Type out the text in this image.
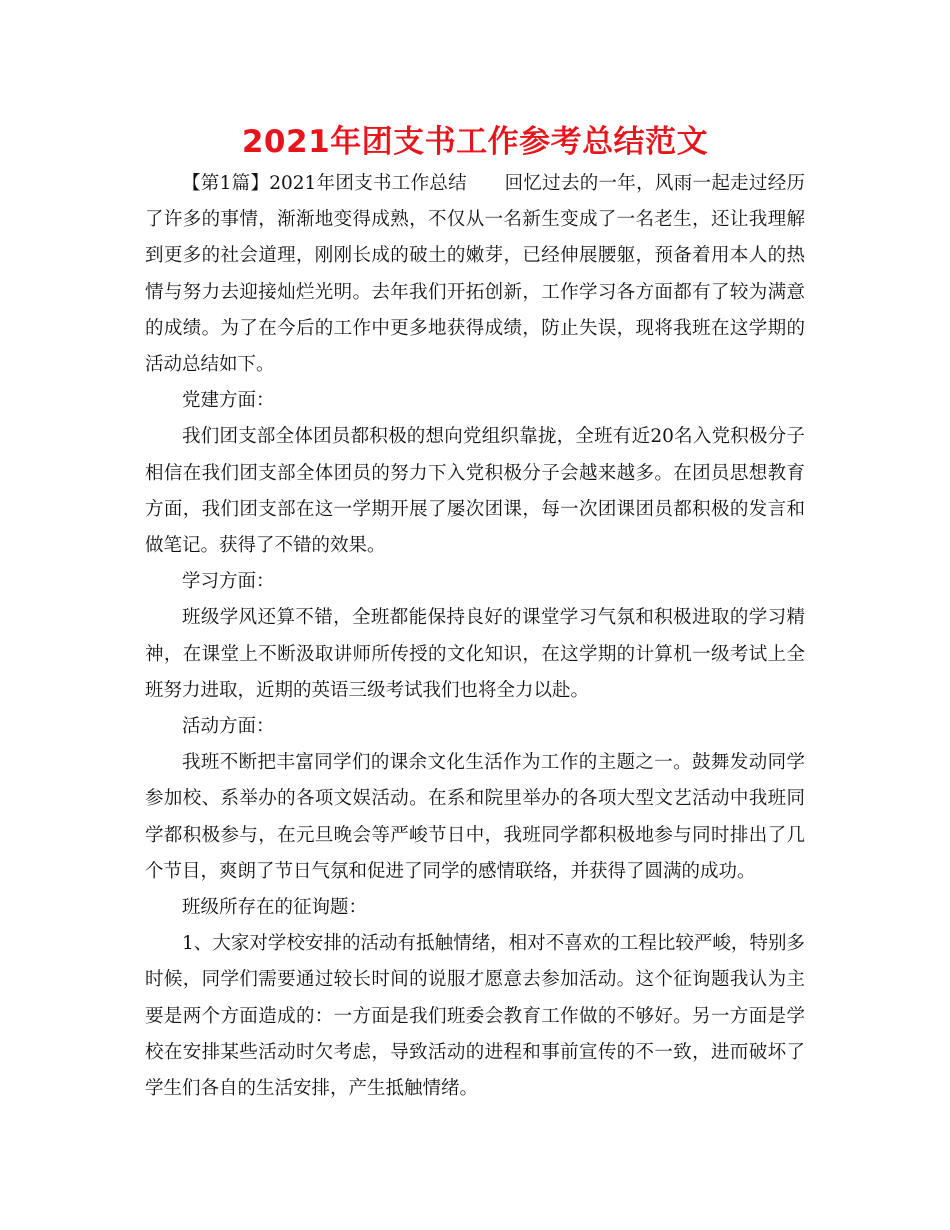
2021年团支书工作参考总结范文

【第1篇】2021年团支书工作总结　　回忆过去的一年，风雨一起走过经历了许多的事情，渐渐地变得成熟，不仅从一名新生变成了一名老生，还让我理解到更多的社会道理，刚刚长成的破土的嫩芽，已经伸展腰躯，预备着用本人的热情与努力去迎接灿烂光明。去年我们开拓创新，工作学习各方面都有了较为满意的成绩。为了在今后的工作中更多地获得成绩，防止失误，现将我班在这学期的活动总结如下。

党建方面：

我们团支部全体团员都积极的想向党组织靠拢，全班有近20名入党积极分子相信在我们团支部全体团员的努力下入党积极分子会越来越多。在团员思想教育方面，我们团支部在这一学期开展了屡次团课，每一次团课团员都积极的发言和做笔记。获得了不错的效果。

学习方面：

班级学风还算不错，全班都能保持良好的课堂学习气氛和积极进取的学习精神，在课堂上不断汲取讲师所传授的文化知识，在这学期的计算机一级考试上全班努力进取，近期的英语三级考试我们也将全力以赴。

活动方面：

我班不断把丰富同学们的课余文化生活作为工作的主题之一。鼓舞发动同学参加校、系举办的各项文娱活动。在系和院里举办的各项大型文艺活动中我班同学都积极参与，在元旦晚会等严峻节日中，我班同学都积极地参与同时排出了几个节目，爽朗了节日气氛和促进了同学的感情联络，并获得了圆满的成功。

班级所存在的征询题：

1、大家对学校安排的活动有抵触情绪，相对不喜欢的工程比较严峻，特别多时候，同学们需要通过较长时间的说服才愿意去参加活动。这个征询题我认为主要是两个方面造成的：一方面是我们班委会教育工作做的不够好。另一方面是学校在安排某些活动时欠考虑，导致活动的进程和事前宣传的不一致，进而破坏了学生们各自的生活安排，产生抵触情绪。
